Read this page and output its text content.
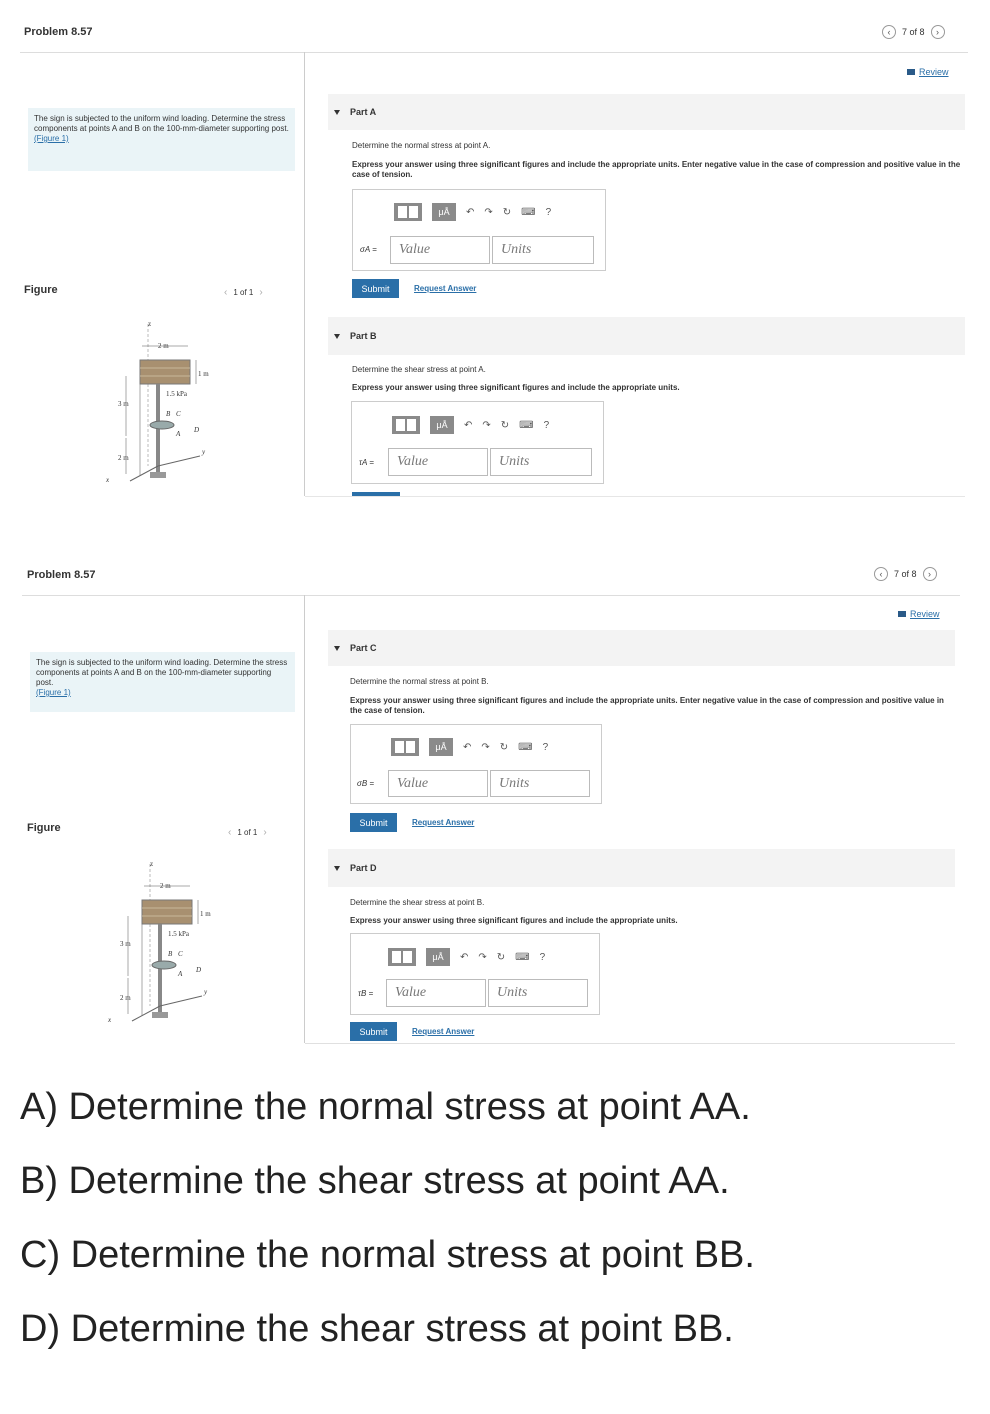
Problem 8.57	‹	7 of 8	›
Review
The sign is subjected to the uniform wind loading. Determine the stress components at points A and B on the 100-mm-diameter supporting post.
(Figure 1)
Figure	‹ 1 of 1 ›
z
2 m
1 m
1.5 kPa
3 m
2 m
B C
A D
x
y
Part A
Determine the normal stress at point A.
Express your answer using three significant figures and include the appropriate units. Enter negative value in the case of compression and positive value in the case of tension.
μÅ	↶ ↷ ↻ ⌨ ?
σA =	Value	Units
Submit	Request Answer
Part B
Determine the shear stress at point A.
Express your answer using three significant figures and include the appropriate units.
μÅ	↶ ↷ ↻ ⌨ ?
τA =	Value	Units
Problem 8.57	‹	7 of 8	›
Review
The sign is subjected to the uniform wind loading. Determine the stress components at points A and B on the 100-mm-diameter supporting post.
(Figure 1)
Figure	‹ 1 of 1 ›
z
2 m
1 m
1.5 kPa
3 m
2 m
B C
A D
x
y
Part C
Determine the normal stress at point B.
Express your answer using three significant figures and include the appropriate units. Enter negative value in the case of compression and positive value in the case of tension.
μÅ	↶ ↷ ↻ ⌨ ?
σB =	Value	Units
Submit	Request Answer
Part D
Determine the shear stress at point B.
Express your answer using three significant figures and include the appropriate units.
μÅ	↶ ↷ ↻ ⌨ ?
τB =	Value	Units
Submit	Request Answer
A) Determine the normal stress at point AA.
B) Determine the shear stress at point AA.
C) Determine the normal stress at point BB.
D) Determine the shear stress at point BB.
